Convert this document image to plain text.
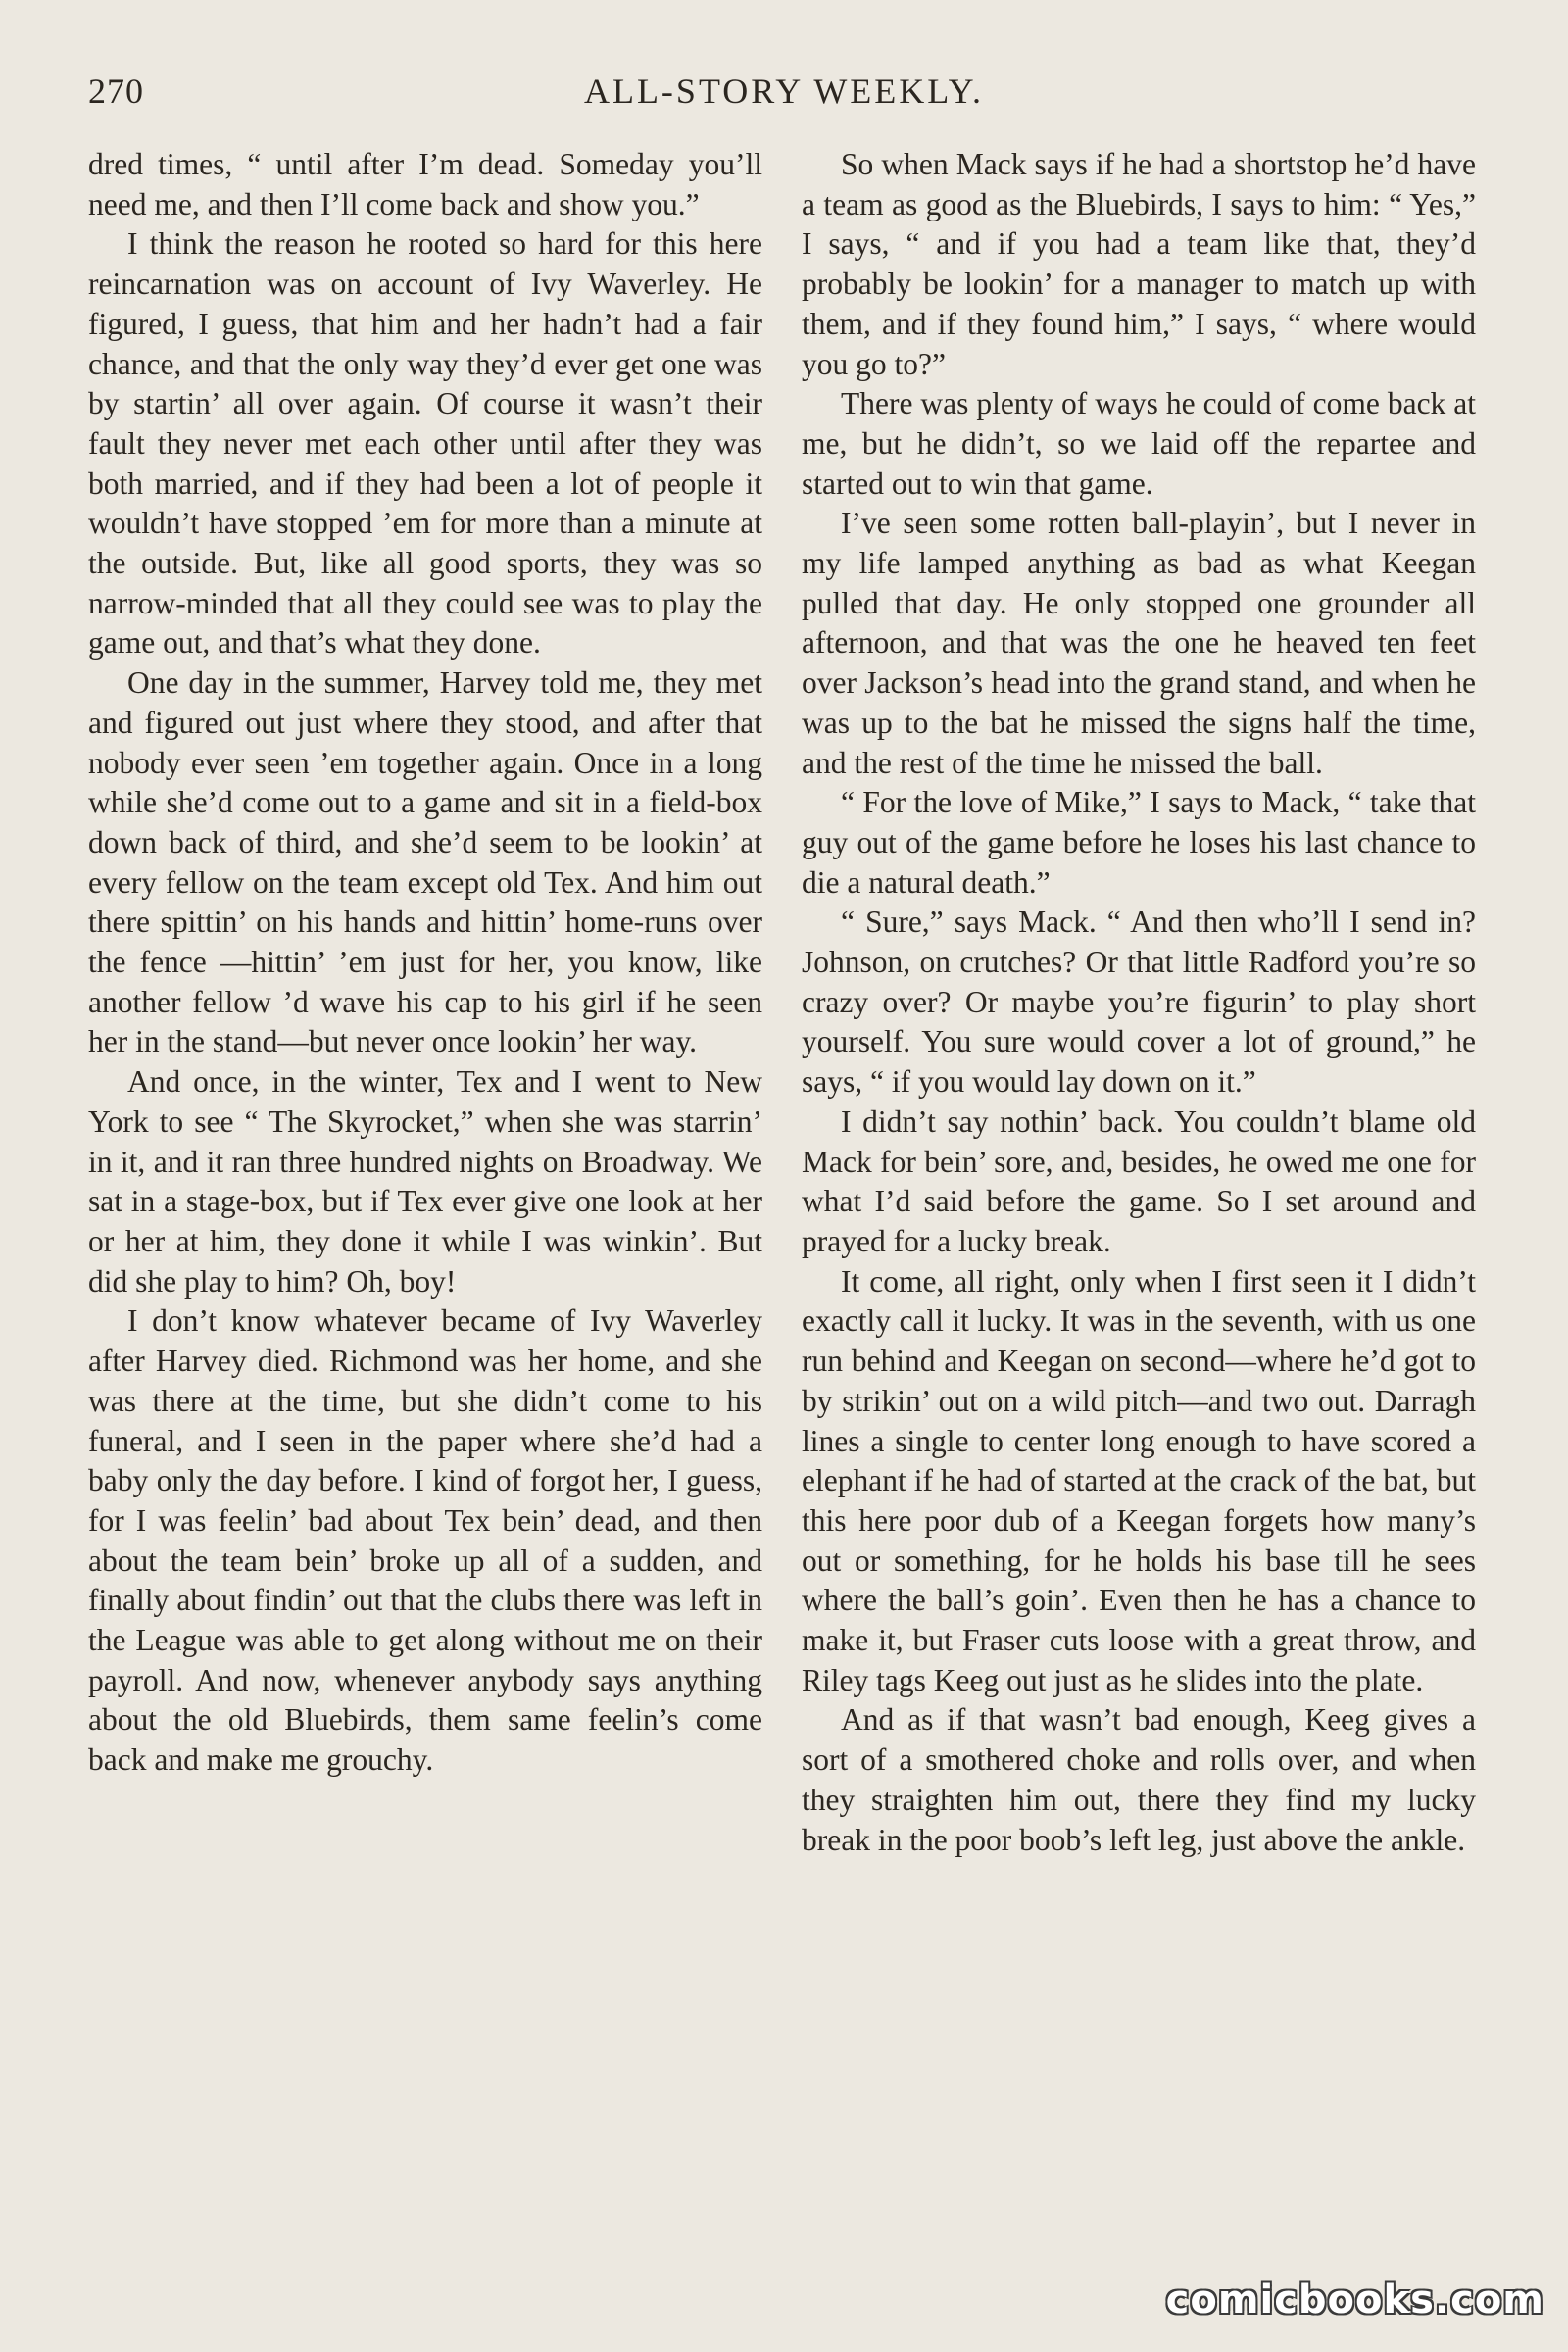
270	ALL-STORY WEEKLY.

dred times, “ until after I’m dead. Someday you’ll need me, and then I’ll come back and show you.”

I think the reason he rooted so hard for this here reincarnation was on account of Ivy Waverley. He figured, I guess, that him and her hadn’t had a fair chance, and that the only way they’d ever get one was by startin’ all over again. Of course it wasn’t their fault they never met each other until after they was both married, and if they had been a lot of people it wouldn’t have stopped ’em for more than a minute at the outside. But, like all good sports, they was so narrow-minded that all they could see was to play the game out, and that’s what they done.

One day in the summer, Harvey told me, they met and figured out just where they stood, and after that nobody ever seen ’em together again. Once in a long while she’d come out to a game and sit in a field-box down back of third, and she’d seem to be lookin’ at every fellow on the team except old Tex. And him out there spittin’ on his hands and hittin’ home-runs over the fence —hittin’ ’em just for her, you know, like another fellow ’d wave his cap to his girl if he seen her in the stand—but never once lookin’ her way.

And once, in the winter, Tex and I went to New York to see “ The Skyrocket,” when she was starrin’ in it, and it ran three hundred nights on Broadway. We sat in a stage-box, but if Tex ever give one look at her or her at him, they done it while I was winkin’. But did she play to him? Oh, boy!

I don’t know whatever became of Ivy Waverley after Harvey died. Richmond was her home, and she was there at the time, but she didn’t come to his funeral, and I seen in the paper where she’d had a baby only the day before. I kind of forgot her, I guess, for I was feelin’ bad about Tex bein’ dead, and then about the team bein’ broke up all of a sudden, and finally about findin’ out that the clubs there was left in the League was able to get along without me on their payroll. And now, whenever anybody says anything about the old Bluebirds, them same feelin’s come back and make me grouchy.

So when Mack says if he had a shortstop he’d have a team as good as the Bluebirds, I says to him: “ Yes,” I says, “ and if you had a team like that, they’d probably be lookin’ for a manager to match up with them, and if they found him,” I says, “ where would you go to?”

There was plenty of ways he could of come back at me, but he didn’t, so we laid off the repartee and started out to win that game.

I’ve seen some rotten ball-playin’, but I never in my life lamped anything as bad as what Keegan pulled that day. He only stopped one grounder all afternoon, and that was the one he heaved ten feet over Jackson’s head into the grand stand, and when he was up to the bat he missed the signs half the time, and the rest of the time he missed the ball.

“ For the love of Mike,” I says to Mack, “ take that guy out of the game before he loses his last chance to die a natural death.”

“ Sure,” says Mack. “ And then who’ll I send in? Johnson, on crutches? Or that little Radford you’re so crazy over? Or maybe you’re figurin’ to play short yourself. You sure would cover a lot of ground,” he says, “ if you would lay down on it.”

I didn’t say nothin’ back. You couldn’t blame old Mack for bein’ sore, and, besides, he owed me one for what I’d said before the game. So I set around and prayed for a lucky break.

It come, all right, only when I first seen it I didn’t exactly call it lucky. It was in the seventh, with us one run behind and Keegan on second—where he’d got to by strikin’ out on a wild pitch—and two out. Darragh lines a single to center long enough to have scored a elephant if he had of started at the crack of the bat, but this here poor dub of a Keegan forgets how many’s out or something, for he holds his base till he sees where the ball’s goin’. Even then he has a chance to make it, but Fraser cuts loose with a great throw, and Riley tags Keeg out just as he slides into the plate.

And as if that wasn’t bad enough, Keeg gives a sort of a smothered choke and rolls over, and when they straighten him out, there they find my lucky break in the poor boob’s left leg, just above the ankle.

comicbooks.com
